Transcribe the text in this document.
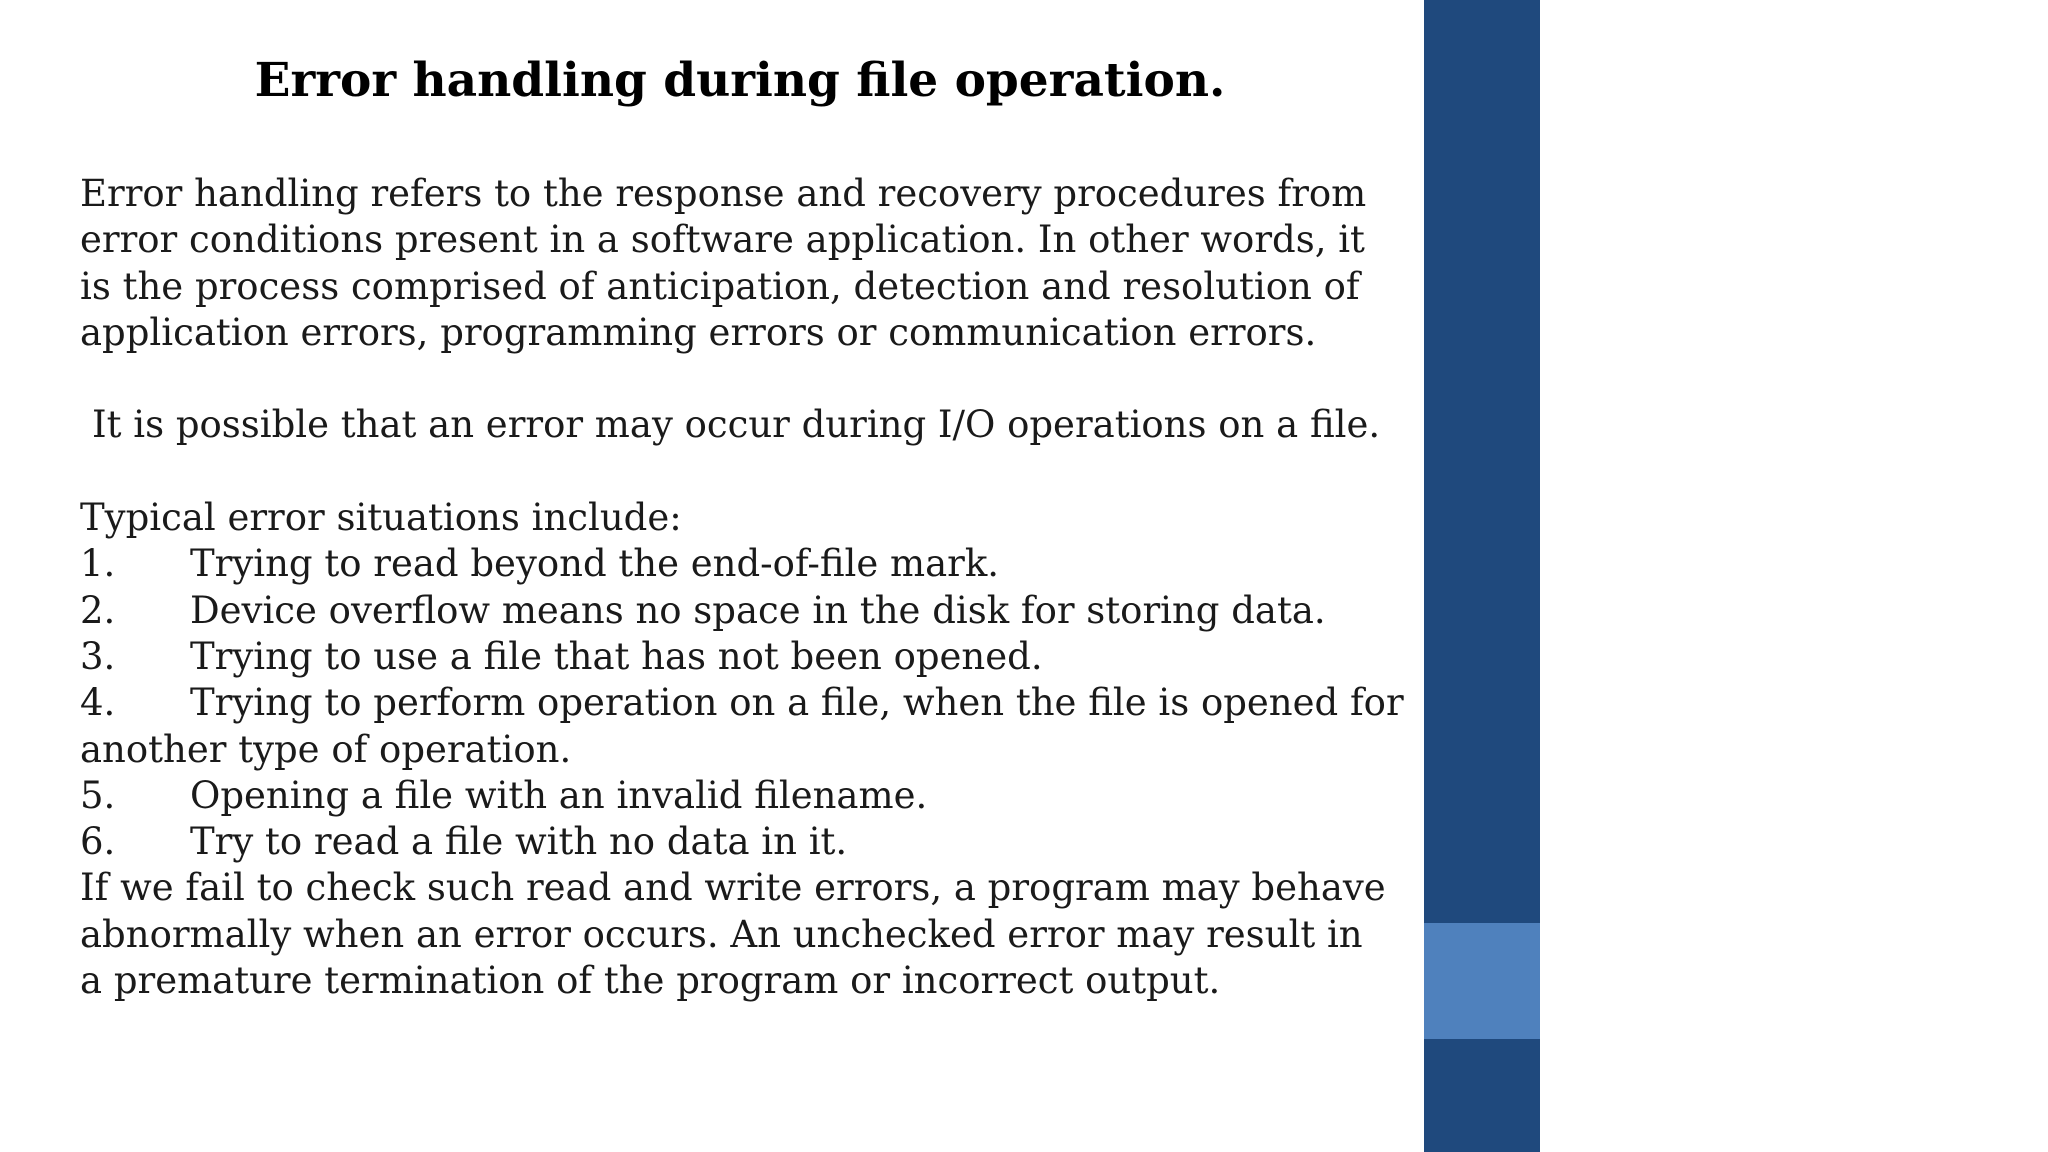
Error handling during file operation.
Error handling refers to the response and recovery procedures from
error conditions present in a software application. In other words, it
is the process comprised of anticipation, detection and resolution of
application errors, programming errors or communication errors.
It is possible that an error may occur during I/O operations on a file.
Typical error situations include:
1. Trying to read beyond the end-of-file mark.
2. Device overflow means no space in the disk for storing data.
3. Trying to use a file that has not been opened.
4. Trying to perform operation on a file, when the file is opened for
another type of operation.
5. Opening a file with an invalid filename.
6. Try to read a file with no data in it.
If we fail to check such read and write errors, a program may behave
abnormally when an error occurs. An unchecked error may result in
a premature termination of the program or incorrect output.
